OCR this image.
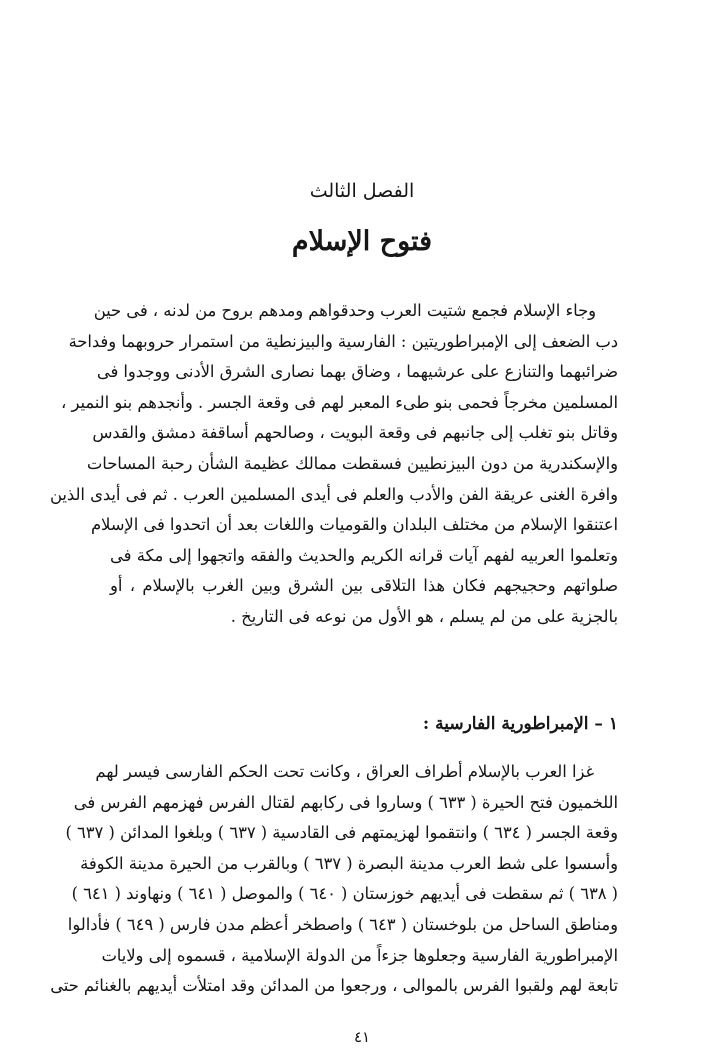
الفصل الثالث
فتوح الإسلام
وجاء الإسلام فجمع شتيت العرب وحدقواهم ومدهم بروح من لدنه ، فى حين
دب الضعف إلى الإمبراطوريتين : الفارسية والبيزنطية من استمرار حروبهما وفداحة
ضرائبهما والتنازع على عرشيهما ، وضاق بهما نصارى الشرق الأدنى ووجدوا فى
المسلمين مخرجاً فحمى بنو طىء المعبر لهم فى وقعة الجسر . وأنجدهم بنو النمير ،
وقاتل بنو تغلب إلى جانبهم فى وقعة البويت ، وصالحهم أساقفة دمشق والقدس
والإسكندرية من دون البيزنطيين فسقطت ممالك عظيمة الشأن رحبة المساحات
وافرة الغنى عريقة الفن والأدب والعلم فى أيدى المسلمين العرب . ثم فى أيدى الذين
اعتنقوا الإسلام من مختلف البلدان والقوميات واللغات بعد أن اتحدوا فى الإسلام
وتعلموا العربيه لفهم آيات قرانه الكريم والحديث والفقه واتجهوا إلى مكة فى
صلواتهم وحجيجهم فكان هذا التلاقى بين الشرق وبين الغرب بالإسلام ، أو
بالجزية على من لم يسلم ، هو الأول من نوعه فى التاريخ .
١ – الإمبراطورية الفارسية :
غزا العرب بالإسلام أطراف العراق ، وكانت تحت الحكم الفارسى فيسر لهم
اللخميون فتح الحيرة ( ٦٣٣ ) وساروا فى ركابهم لقتال الفرس فهزمهم الفرس فى
وقعة الجسر ( ٦٣٤ ) وانتقموا لهزيمتهم فى القادسية ( ٦٣٧ ) وبلغوا المدائن ( ٦٣٧ )
وأسسوا على شط العرب مدينة البصرة ( ٦٣٧ ) وبالقرب من الحيرة مدينة الكوفة
( ٦٣٨ ) ثم سقطت فى أيديهم خوزستان ( ٦٤٠ ) والموصل ( ٦٤١ ) ونهاوند ( ٦٤١ )
ومناطق الساحل من بلوخستان ( ٦٤٣ ) واصطخر أعظم مدن فارس ( ٦٤٩ ) فأدالوا
الإمبراطورية الفارسية وجعلوها جزءاً من الدولة الإسلامية ، قسموه إلى ولايات
تابعة لهم ولقبوا الفرس بالموالى ، ورجعوا من المدائن وقد امتلأت أيديهم بالغنائم حتى
٤١
